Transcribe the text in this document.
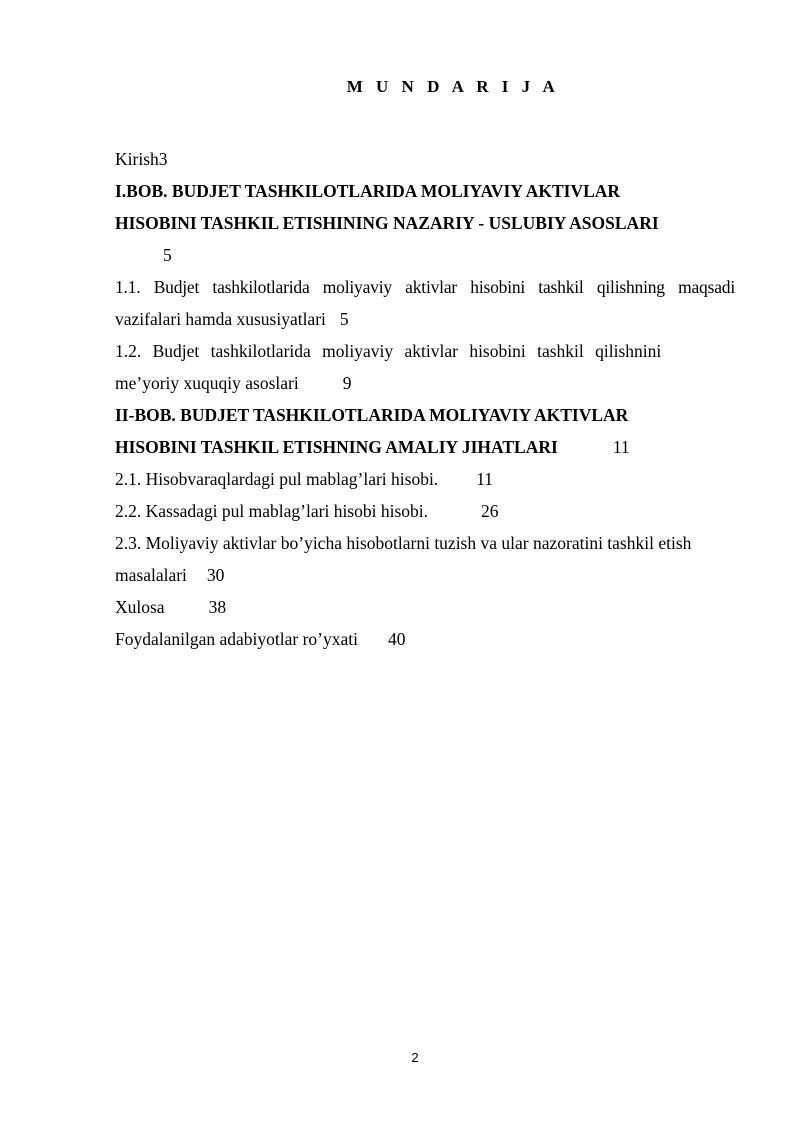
M U N D A R I J A
Kirish3
I.BOB. BUDJET TASHKILOTLARIDA MOLIYAVIY AKTIVLAR
HISOBINI TASHKIL ETISHINING NAZARIY - USLUBIY ASOSLARI
5
1.1. Budjet tashkilotlarida moliyaviy aktivlar hisobini tashkil qilishning maqsadi
vazifalari hamda xususiyatlari 5
1.2. Budjet tashkilotlarida moliyaviy aktivlar hisobini tashkil qilishnini
me’yoriy xuquqiy asoslari	9
II-BOB. BUDJET TASHKILOTLARIDA MOLIYAVIY AKTIVLAR
HISOBINI TASHKIL ETISHNING AMALIY JIHATLARI	11
2.1. Hisobvaraqlardagi pul mablag’lari hisobi. 11
2.2. Kassadagi pul mablag’lari hisobi hisobi.	26
2.3. Moliyaviy aktivlar bo’yicha hisobotlarni tuzish va ular nazoratini tashkil etish
masalalari 30
Xulosa	38
Foydalanilgan adabiyotlar ro’yxati 40
2
